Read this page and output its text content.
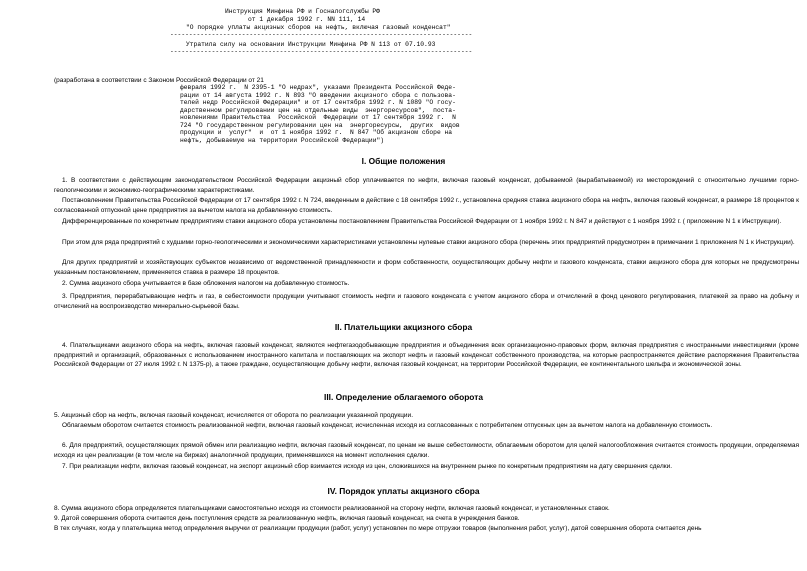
Инструкция Минфина РФ и Госналогслужбы РФ
от 1 декабря 1992 г. NN 111, 14
"О порядке уплаты акцизных сборов на нефть, включая газовый конденсат"
--------------------------------------------------------------------------------
Утратила силу на основании Инструкции Минфина РФ N 113 от 07.10.93
--------------------------------------------------------------------------------
(разработана в соответствии с Законом Российской Федерации от 21
февраля 1992 г.  N 2395-1 "О недрах", указами Президента Российской Феде-
рации от 14 августа 1992 г. N 893 "О введении акцизного сбора с пользова-
телей недр Российской Федерации" и от 17 сентября 1992 г. N 1089 "О госу-
дарственном регулировании цен на отдельные виды  энергоресурсов",  поста-
новлениями Правительства  Российской  Федерации от 17 сентября 1992 г.  N
724 "О государственном регулировании цен на  энергоресурсы,  других  видов
продукции и  услуг"  и  от 1 ноября 1992 г.  N 847 "Об акцизном сборе на
нефть, добываемую на территории Российской Федерации")
I. Общие положения
1. В соответствии с действующим законодательством Российской Федерации акцизный сбор уплачивается по нефти, включая газовый конденсат, добываемой (вырабатываемой) из месторождений с относительно лучшими горно-геологическими и экономико-географическими характеристиками.
Постановлением Правительства Российской Федерации от 17 сентября 1992 г. N 724, введенным в действие с 18 сентября 1992 г., установлена средняя ставка акцизного сбора на нефть, включая газовый конденсат, в размере 18 процентов к согласованной отпускной цене предприятия за вычетом налога на добавленную стоимость.
Дифференцированные по конкретным предприятиям ставки акцизного сбора установлены постановлением Правительства Российской Федерации от 1 ноября 1992 г. N 847 и действуют с 1 ноября 1992 г. ( приложение N 1 к Инструкции).
При этом для ряда предприятий с худшими горно-геологическими и экономическими характеристиками установлены нулевые ставки акцизного сбора (перечень этих предприятий предусмотрен в примечании 1 приложения N 1 к Инструкции).
Для других предприятий и хозяйствующих субъектов независимо от ведомственной принадлежности и форм собственности, осуществляющих добычу нефти и газового конденсата, ставки акцизного сбора для которых не предусмотрены указанным постановлением, применяется ставка в размере 18 процентов.
2. Сумма акцизного сбора учитывается в базе обложения налогом на добавленную стоимость.
3. Предприятия, перерабатывающие нефть и газ, в себестоимости продукции учитывают стоимость нефти и газового конденсата с учетом акцизного сбора и отчислений в фонд ценового регулирования, платежей за право на добычу и отчислений на воспроизводство минерально-сырьевой базы.
II. Плательщики акцизного сбора
4. Плательщиками акцизного сбора на нефть, включая газовый конденсат, являются нефтегазодобывающие предприятия и объединения всех организационно-правовых форм, включая предприятия с иностранными инвестициями (кроме предприятий и организаций, образованных с использованием иностранного капитала и поставляющих на экспорт нефть и газовый конденсат собственного производства, на которые распространяется действие распоряжения Правительства Российской Федерации от 27 июля 1992 г. N 1375-р), а также граждане, осуществляющие добычу нефти, включая газовый конденсат, на территории Российской Федерации, ее континентального шельфа и экономической зоны.
III. Определение облагаемого оборота
5. Акцизный сбор на нефть, включая газовый конденсат, исчисляется от оборота по реализации указанной продукции.
Облагаемым оборотом считается стоимость реализованной нефти, включая газовый конденсат, исчисленная исходя из согласованных с потребителем отпускных цен за вычетом налога на добавленную стоимость.
6. Для предприятий, осуществляющих прямой обмен или реализацию нефти, включая газовый конденсат, по ценам не выше себестоимости, облагаемым оборотом для целей налогообложения считается стоимость продукции, определяемая исходя из цен реализации (в том числе на биржах) аналогичной продукции, применявшихся на момент исполнения сделки.
7. При реализации нефти, включая газовый конденсат, на экспорт акцизный сбор взимается исходя из цен, сложившихся на внутреннем рынке по конкретным предприятиям на дату свершения сделки.
IV. Порядок уплаты акцизного сбора
8. Сумма акцизного сбора определяется плательщиками самостоятельно исходя из стоимости реализованной на сторону нефти, включая газовый конденсат, и установленных ставок.
9. Датой совершения оборота считается день поступления средств за реализованную нефть, включая газовый конденсат, на счета в учреждения банков.
В тех случаях, когда у плательщика метод определения выручки от реализации продукции (работ, услуг) установлен по мере отгрузки товаров (выполнения работ, услуг), датой совершения оборота считается день
